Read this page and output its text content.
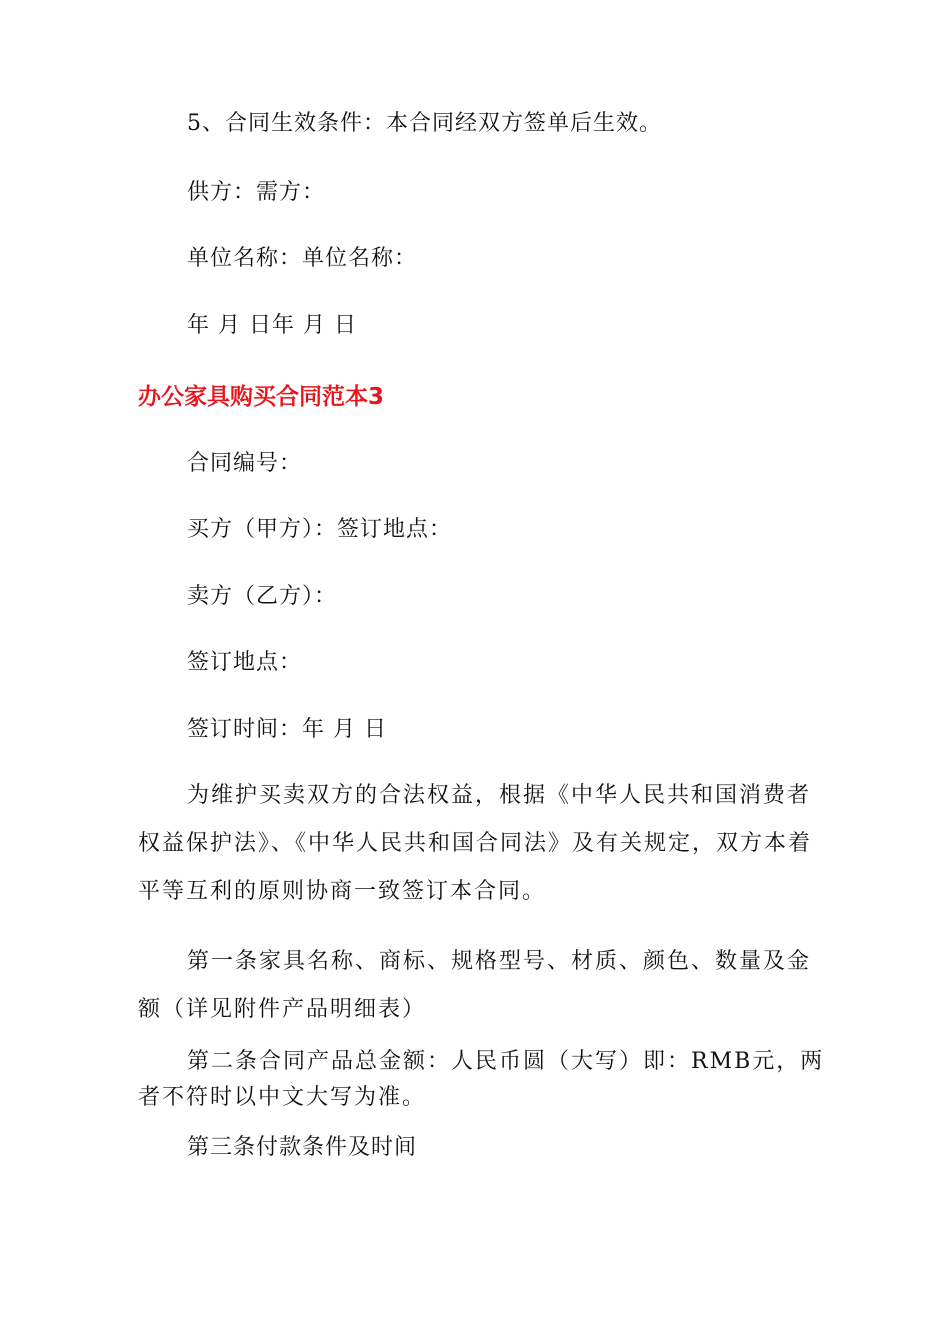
5、合同生效条件：本合同经双方签单后生效。
供方：需方：
单位名称：单位名称：
年 月 日年 月 日
办公家具购买合同范本3
合同编号：
买方（甲方）：签订地点：
卖方（乙方）：
签订地点：
签订时间：年 月 日
为维护买卖双方的合法权益，根据《中华人民共和国消费者权益保护法》、《中华人民共和国合同法》及有关规定，双方本着平等互利的原则协商一致签订本合同。
第一条家具名称、商标、规格型号、材质、颜色、数量及金额（详见附件产品明细表）
第二条合同产品总金额：人民币圆（大写）即：RMB元，两者不符时以中文大写为准。
第三条付款条件及时间
